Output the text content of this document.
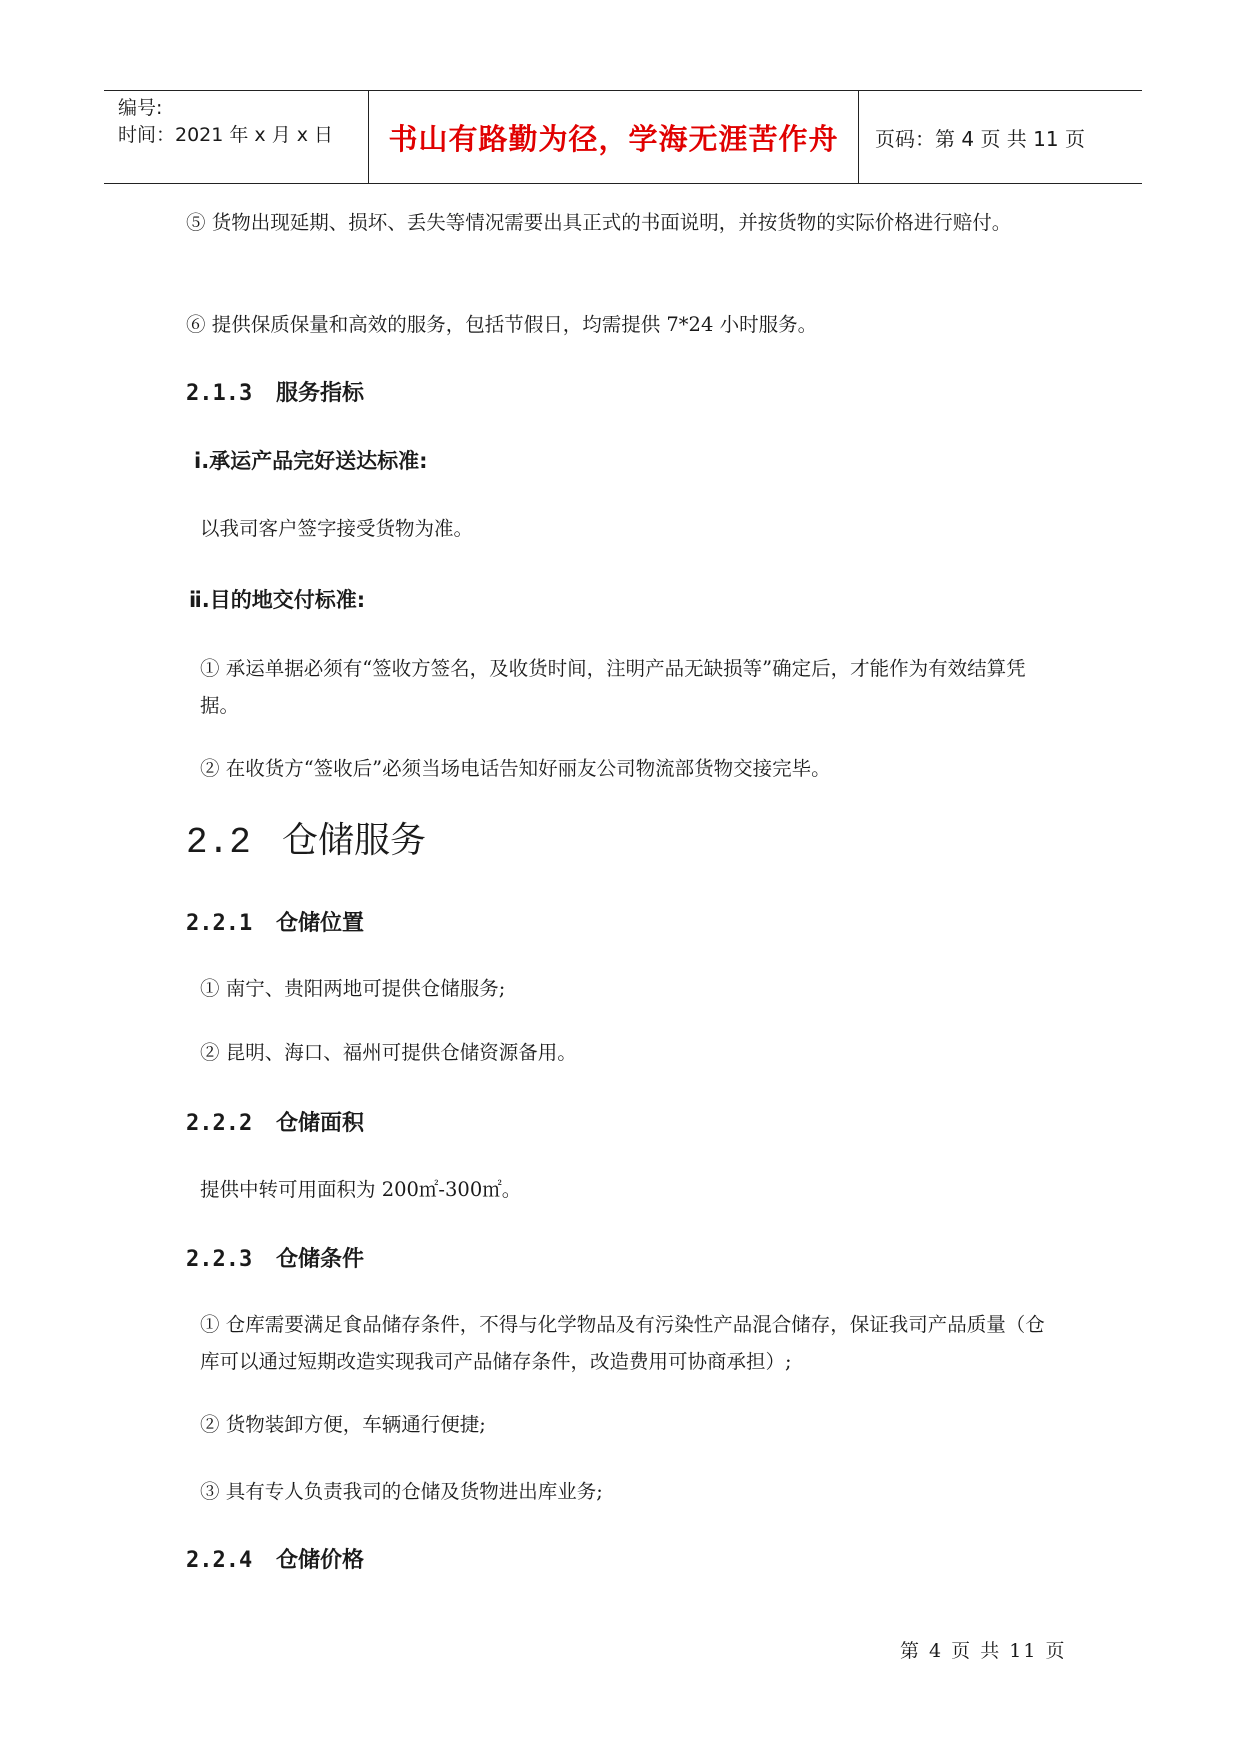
编号:
时间：2021 年 x 月 x 日	书山有路勤为径，学海无涯苦作舟	页码：第 4 页 共 11 页

⑤ 货物出现延期、损坏、丢失等情况需要出具正式的书面说明，并按货物的实际价格进行赔付。

⑥ 提供保质保量和高效的服务，包括节假日，均需提供 7*24 小时服务。

2.1.3 服务指标
ⅰ.承运产品完好送达标准:

以我司客户签字接受货物为准。

ⅱ.目的地交付标准:

① 承运单据必须有“签收方签名，及收货时间，注明产品无缺损等”确定后，才能作为有效结算凭据。

② 在收货方“签收后”必须当场电话告知好丽友公司物流部货物交接完毕。

2.2 仓储服务
2.2.1 仓储位置

① 南宁、贵阳两地可提供仓储服务;

② 昆明、海口、福州可提供仓储资源备用。

2.2.2 仓储面积

提供中转可用面积为 200㎡-300㎡。

2.2.3 仓储条件

① 仓库需要满足食品储存条件，不得与化学物品及有污染性产品混合储存，保证我司产品质量（仓库可以通过短期改造实现我司产品储存条件，改造费用可协商承担）;

② 货物装卸方便，车辆通行便捷;

③ 具有专人负责我司的仓储及货物进出库业务;

2.2.4 仓储价格
第 4 页 共 11 页
